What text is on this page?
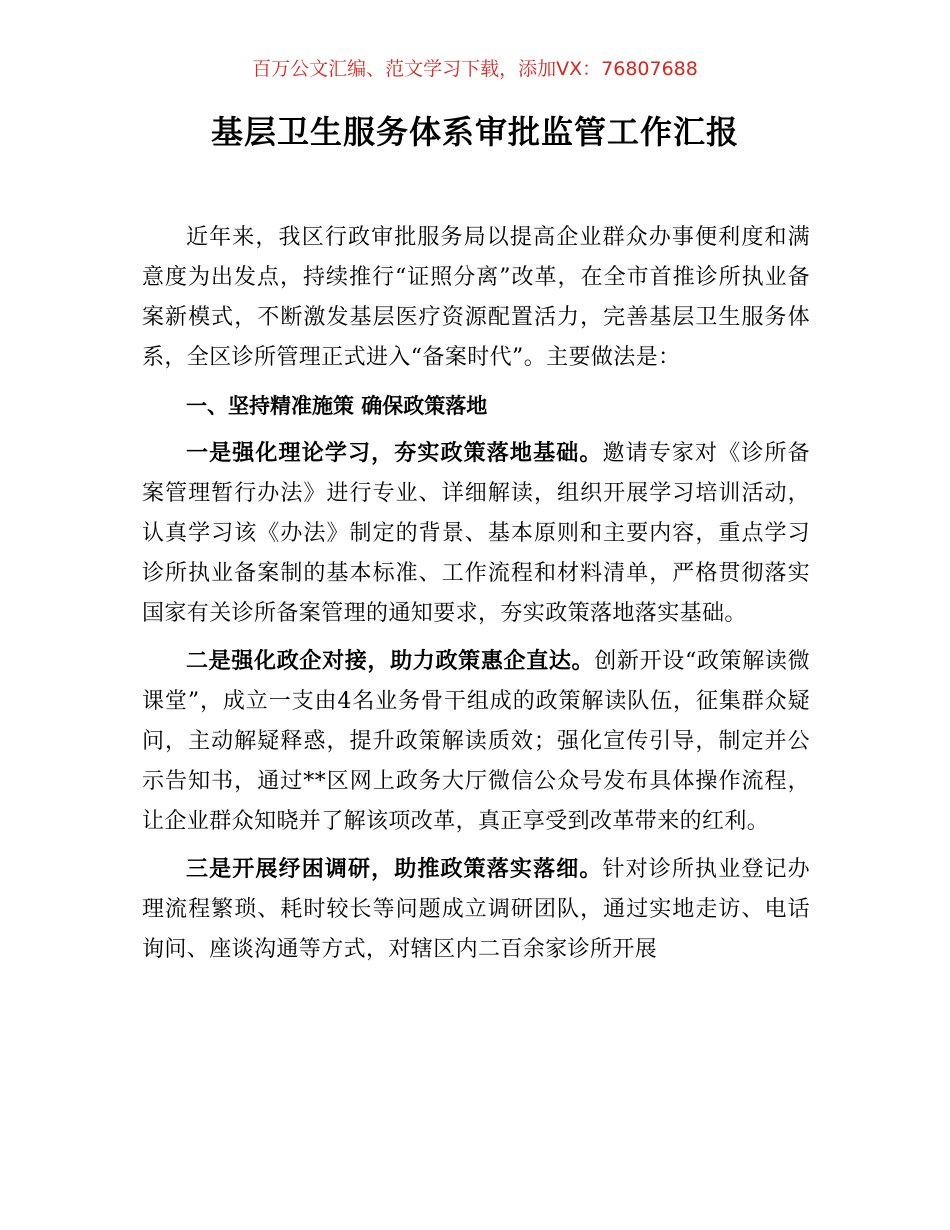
百万公文汇编、范文学习下载，添加VX：76807688
基层卫生服务体系审批监管工作汇报

近年来，我区行政审批服务局以提高企业群众办事便利度和满意度为出发点，持续推行“证照分离”改革，在全市首推诊所执业备案新模式，不断激发基层医疗资源配置活力，完善基层卫生服务体系，全区诊所管理正式进入“备案时代”。主要做法是：

一、坚持精准施策 确保政策落地

一是强化理论学习，夯实政策落地基础。邀请专家对《诊所备案管理暂行办法》进行专业、详细解读，组织开展学习培训活动，认真学习该《办法》制定的背景、基本原则和主要内容，重点学习诊所执业备案制的基本标准、工作流程和材料清单，严格贯彻落实国家有关诊所备案管理的通知要求，夯实政策落地落实基础。

二是强化政企对接，助力政策惠企直达。创新开设“政策解读微课堂”，成立一支由4名业务骨干组成的政策解读队伍，征集群众疑问，主动解疑释惑，提升政策解读质效；强化宣传引导，制定并公示告知书，通过**区网上政务大厅微信公众号发布具体操作流程，让企业群众知晓并了解该项改革，真正享受到改革带来的红利。

三是开展纾困调研，助推政策落实落细。针对诊所执业登记办理流程繁琐、耗时较长等问题成立调研团队，通过实地走访、电话询问、座谈沟通等方式，对辖区内二百余家诊所开展
